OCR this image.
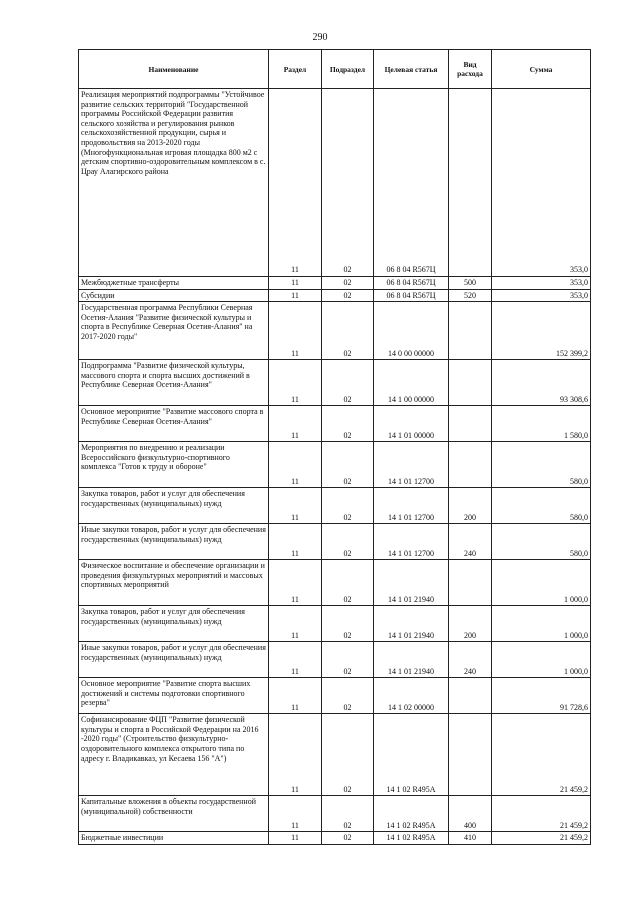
290
Наименование	Раздел	Подраздел	Целевая статья	Вид расхода	Сумма
Реализация мероприятий подпрограммы "Устойчивое развитие сельских территорий "Государственной программы Российской Федерации развития сельского хозяйства и регулирования рынков сельскохозяйственной продукции, сырья и продовольствия на 2013-2020 годы (Многофункциональная игровая площадка 800 м2 с детским спортивно-оздоровительным комплексом в с. Црау Алагирского района	11	02	06 8 04 R567Ц		353,0
Межбюджетные трансферты	11	02	06 8 04 R567Ц	500	353,0
Субсидии	11	02	06 8 04 R567Ц	520	353,0
Государственная программа Республики Северная Осетия-Алания "Развитие физической культуры и спорта в Республике Северная Осетия-Алания" на 2017-2020 годы"	11	02	14 0 00 00000		152 399,2
Подпрограмма "Развитие физической культуры, массового спорта и спорта высших достижений в Республике Северная Осетия-Алания"	11	02	14 1 00 00000		93 308,6
Основное мероприятие "Развитие массового спорта в Республике Северная Осетия-Алания"	11	02	14 1 01 00000		1 580,0
Мероприятия по внедрению и реализации Всероссийского физкультурно-спортивного комплекса "Готов к труду и обороне"	11	02	14 1 01 12700		580,0
Закупка товаров, работ и услуг для обеспечения государственных (муниципальных) нужд	11	02	14 1 01 12700	200	580,0
Иные закупки товаров, работ и услуг для обеспечения государственных (муниципальных) нужд	11	02	14 1 01 12700	240	580,0
Физическое воспитание и обеспечение организации и проведения физкультурных мероприятий и массовых спортивных мероприятий	11	02	14 1 01 21940		1 000,0
Закупка товаров, работ и услуг для обеспечения государственных (муниципальных) нужд	11	02	14 1 01 21940	200	1 000,0
Иные закупки товаров, работ и услуг для обеспечения государственных (муниципальных) нужд	11	02	14 1 01 21940	240	1 000,0
Основное мероприятие "Развитие спорта высших достижений и системы подготовки спортивного резерва"	11	02	14 1 02 00000		91 728,6
Софинансирование ФЦП "Развитие физической культуры и спорта в Российской Федерации на 2016 -2020 годы" (Строительство физкультурно-оздоровительного комплекса открытого типа по адресу г. Владикавказ, ул Кесаева 156 "А")	11	02	14 1 02 R495A		21 459,2
Капитальные вложения в объекты государственной (муниципальной) собственности	11	02	14 1 02 R495A	400	21 459,2
Бюджетные инвестиции	11	02	14 1 02 R495A	410	21 459,2
